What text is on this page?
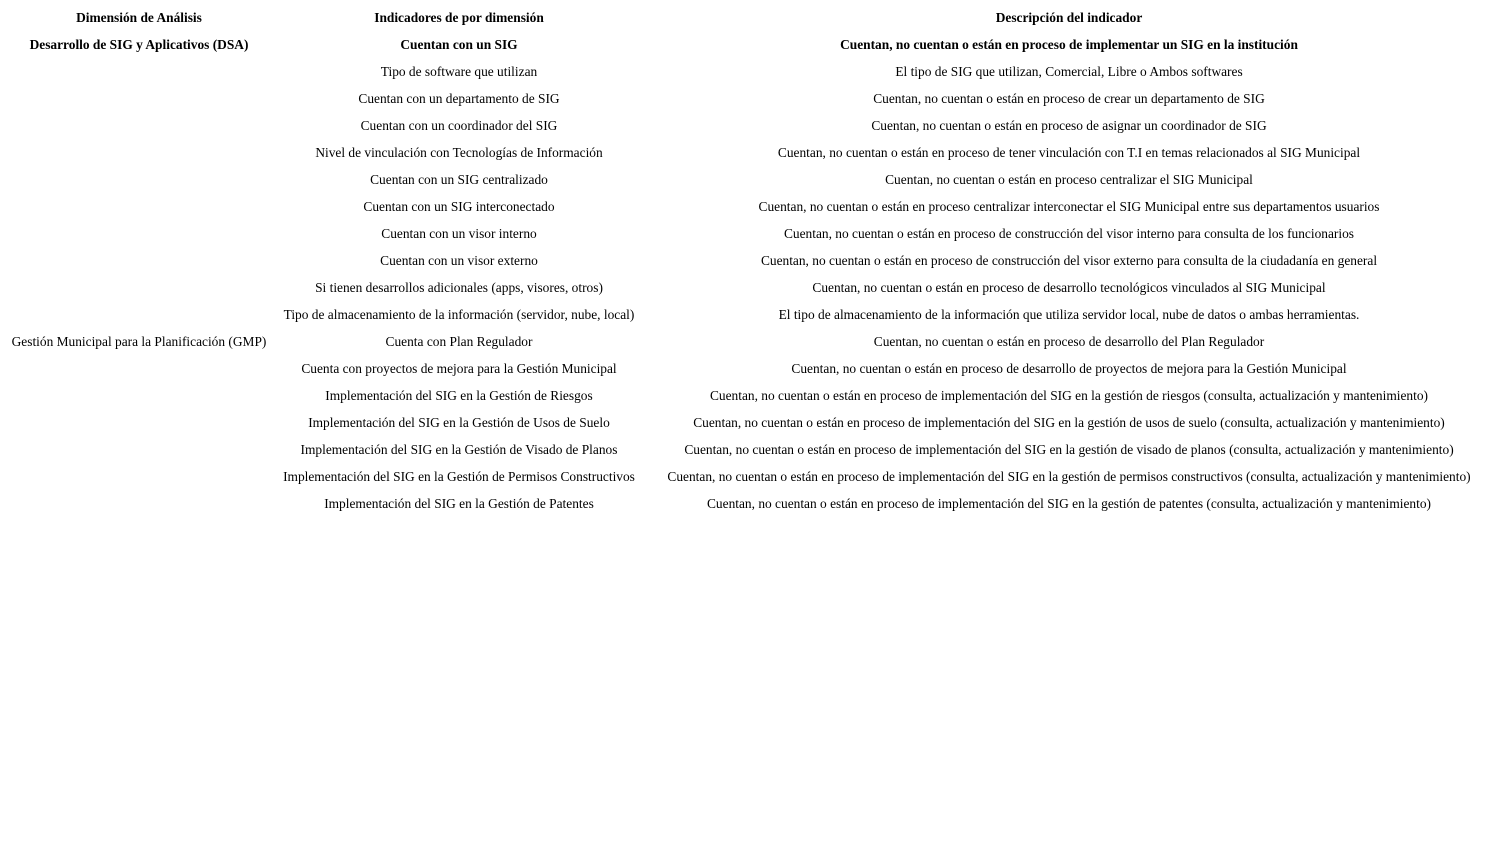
Dimensión de Análisis	Indicadores de por dimensión	Descripción del indicador
Desarrollo de SIG y Aplicativos (DSA)	Cuentan con un SIG	Cuentan, no cuentan o están en proceso de implementar un SIG en la institución
	Tipo de software que utilizan	El tipo de SIG que utilizan, Comercial, Libre o Ambos softwares
	Cuentan con un departamento de SIG	Cuentan, no cuentan o están en proceso de crear un departamento de SIG
	Cuentan con un coordinador del SIG	Cuentan, no cuentan o están en proceso de asignar un coordinador de SIG
	Nivel de vinculación con Tecnologías de Información	Cuentan, no cuentan o están en proceso de tener vinculación con T.I en temas relacionados al SIG Municipal
	Cuentan con un SIG centralizado	Cuentan, no cuentan o están en proceso centralizar el SIG Municipal
	Cuentan con un SIG interconectado	Cuentan, no cuentan o están en proceso centralizar interconectar el SIG Municipal entre sus departamentos usuarios
	Cuentan con un visor interno	Cuentan, no cuentan o están en proceso de construcción del visor interno para consulta de los funcionarios
	Cuentan con un visor externo	Cuentan, no cuentan o están en proceso de construcción del visor externo para consulta de la ciudadanía en general
	Si tienen desarrollos adicionales (apps, visores, otros)	Cuentan, no cuentan o están en proceso de desarrollo tecnológicos vinculados al SIG Municipal
	Tipo de almacenamiento de la información (servidor, nube, local)	El tipo de almacenamiento de la información que utiliza servidor local, nube de datos o ambas herramientas.
Gestión Municipal para la Planificación (GMP)	Cuenta con Plan Regulador	Cuentan, no cuentan o están en proceso de desarrollo del Plan Regulador
	Cuenta con proyectos de mejora para la Gestión Municipal	Cuentan, no cuentan o están en proceso de desarrollo de proyectos de mejora para la Gestión Municipal
	Implementación del SIG en la Gestión de Riesgos	Cuentan, no cuentan o están en proceso de implementación del SIG en la gestión de riesgos (consulta, actualización y mantenimiento)
	Implementación del SIG en la Gestión de Usos de Suelo	Cuentan, no cuentan o están en proceso de implementación del SIG en la gestión de usos de suelo (consulta, actualización y mantenimiento)
	Implementación del SIG en la Gestión de Visado de Planos	Cuentan, no cuentan o están en proceso de implementación del SIG en la gestión de visado de planos (consulta, actualización y mantenimiento)
	Implementación del SIG en la Gestión de Permisos Constructivos	Cuentan, no cuentan o están en proceso de implementación del SIG en la gestión de permisos constructivos (consulta, actualización y mantenimiento)
	Implementación del SIG en la Gestión de Patentes	Cuentan, no cuentan o están en proceso de implementación del SIG en la gestión de patentes (consulta, actualización y mantenimiento)
